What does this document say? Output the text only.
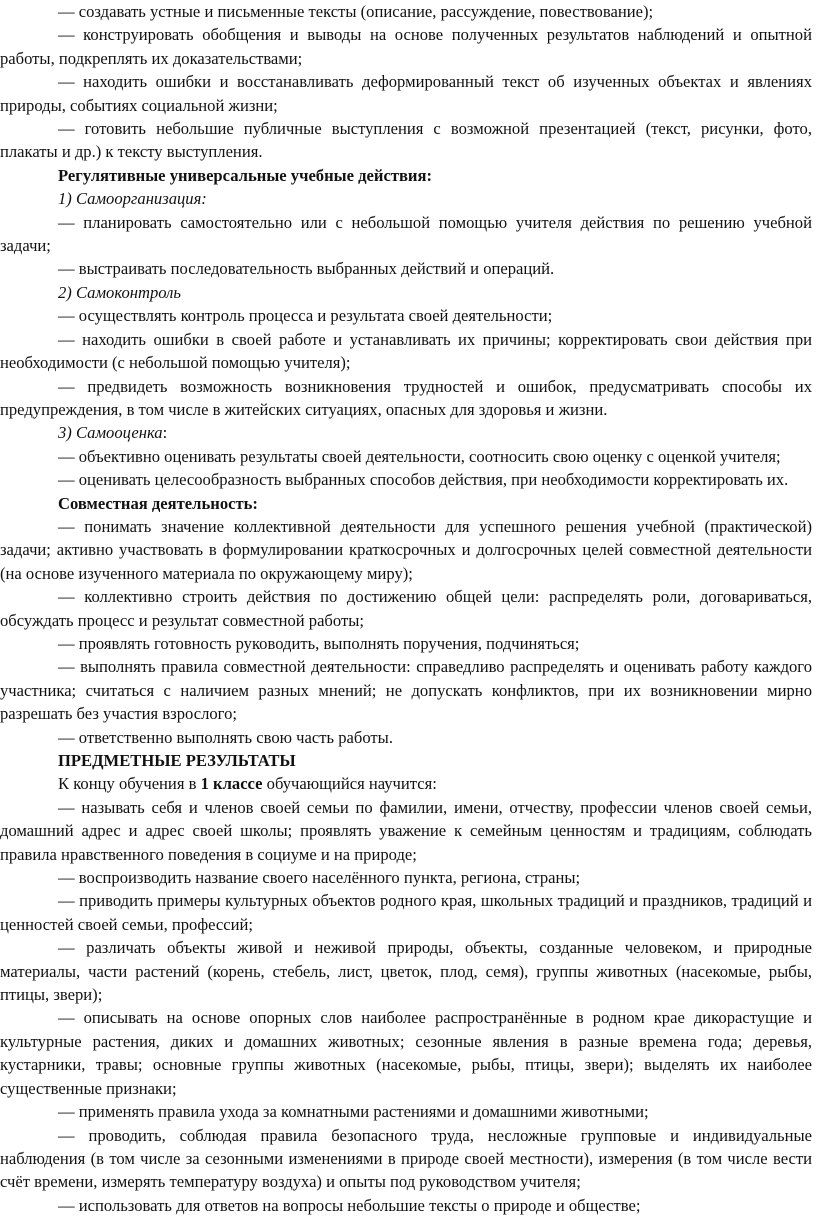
— создавать устные и письменные тексты (описание, рассуждение, повествование);

— конструировать обобщения и выводы на основе полученных результатов наблюдений и опытной работы, подкреплять их доказательствами;

— находить ошибки и восстанавливать деформированный текст об изученных объектах и явлениях природы, событиях социальной жизни;

— готовить небольшие публичные выступления с возможной презентацией (текст, рисунки, фото, плакаты и др.) к тексту выступления.

Регулятивные универсальные учебные действия:

1) Самоорганизация:

— планировать самостоятельно или с небольшой помощью учителя действия по решению учебной задачи;

— выстраивать последовательность выбранных действий и операций.

2) Самоконтроль

— осуществлять контроль процесса и результата своей деятельности;

— находить ошибки в своей работе и устанавливать их причины; корректировать свои действия при необходимости (с небольшой помощью учителя);

— предвидеть возможность возникновения трудностей и ошибок, предусматривать способы их предупреждения, в том числе в житейских ситуациях, опасных для здоровья и жизни.

3) Самооценка:

— объективно оценивать результаты своей деятельности, соотносить свою оценку с оценкой учителя;

— оценивать целесообразность выбранных способов действия, при необходимости корректировать их.

Совместная деятельность:

— понимать значение коллективной деятельности для успешного решения учебной (практической) задачи; активно участвовать в формулировании краткосрочных и долгосрочных целей совместной деятельности (на основе изученного материала по окружающему миру);

— коллективно строить действия по достижению общей цели: распределять роли, договариваться, обсуждать процесс и результат совместной работы;

— проявлять готовность руководить, выполнять поручения, подчиняться;

— выполнять правила совместной деятельности: справедливо распределять и оценивать работу каждого участника; считаться с наличием разных мнений; не допускать конфликтов, при их возникновении мирно разрешать без участия взрослого;

— ответственно выполнять свою часть работы.

ПРЕДМЕТНЫЕ РЕЗУЛЬТАТЫ

К концу обучения в 1 классе обучающийся научится:

— называть себя и членов своей семьи по фамилии, имени, отчеству, профессии членов своей семьи, домашний адрес и адрес своей школы; проявлять уважение к семейным ценностям и традициям, соблюдать правила нравственного поведения в социуме и на природе;

— воспроизводить название своего населённого пункта, региона, страны;

— приводить примеры культурных объектов родного края, школьных традиций и праздников, традиций и ценностей своей семьи, профессий;

— различать объекты живой и неживой природы, объекты, созданные человеком, и природные материалы, части растений (корень, стебель, лист, цветок, плод, семя), группы животных (насекомые, рыбы, птицы, звери);

— описывать на основе опорных слов наиболее распространённые в родном крае дикорастущие и культурные растения, диких и домашних животных; сезонные явления в разные времена года; деревья, кустарники, травы; основные группы животных (насекомые, рыбы, птицы, звери); выделять их наиболее существенные признаки;

— применять правила ухода за комнатными растениями и домашними животными;

— проводить, соблюдая правила безопасного труда, несложные групповые и индивидуальные наблюдения (в том числе за сезонными изменениями в природе своей местности), измерения (в том числе вести счёт времени, измерять температуру воздуха) и опыты под руководством учителя;

— использовать для ответов на вопросы небольшие тексты о природе и обществе;
